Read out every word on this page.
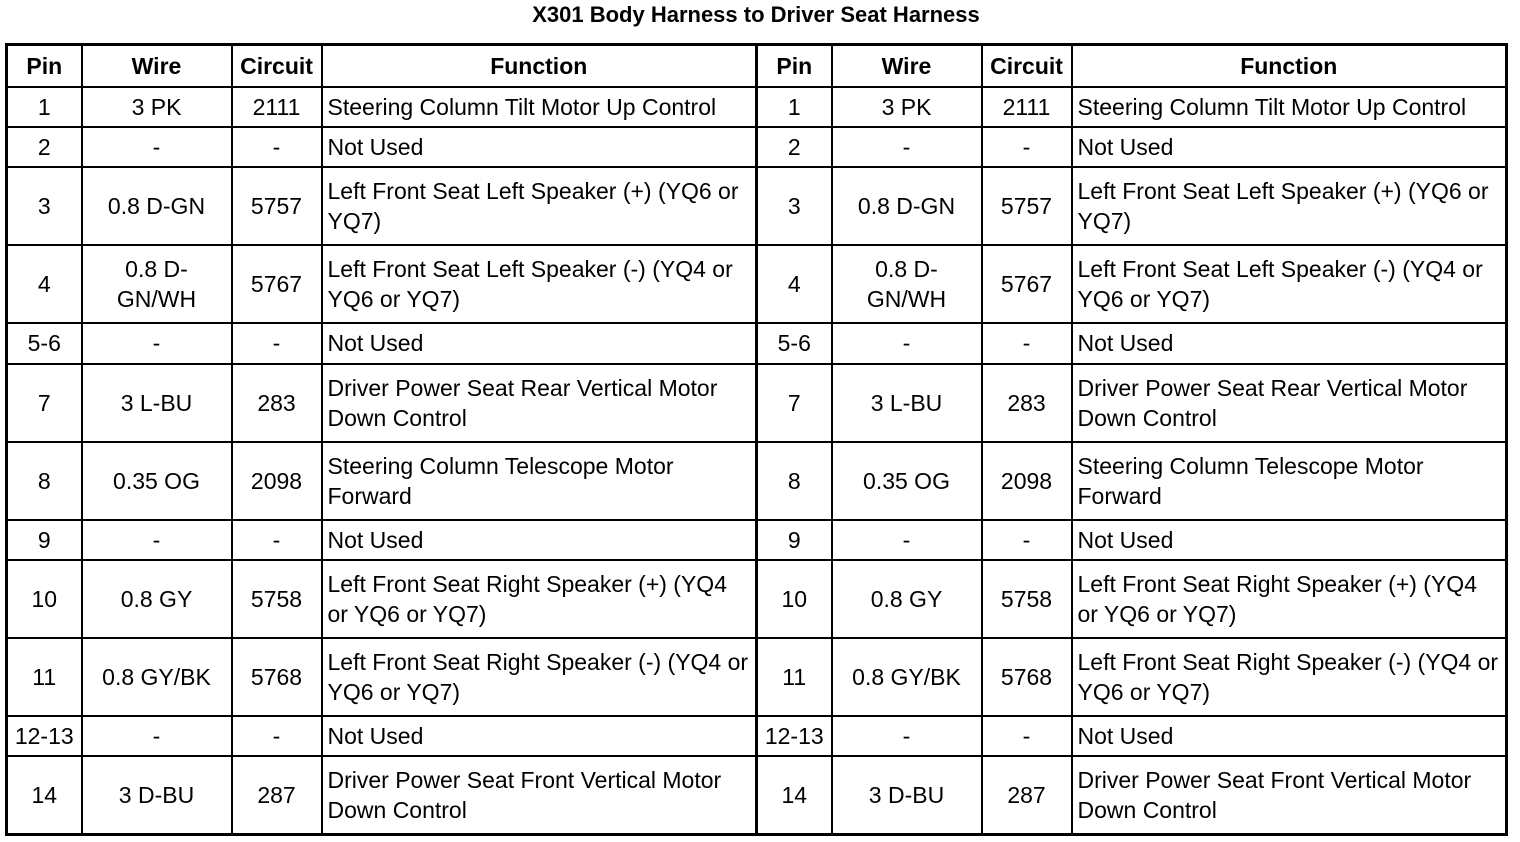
X301 Body Harness to Driver Seat Harness
Pin	Wire	Circuit	Function	Pin	Wire	Circuit	Function
1	3 PK	2111	Steering Column Tilt Motor Up Control	1	3 PK	2111	Steering Column Tilt Motor Up Control
2	-	-	Not Used	2	-	-	Not Used
3	0.8 D-GN	5757	Left Front Seat Left Speaker (+) (YQ6 or YQ7)	3	0.8 D-GN	5757	Left Front Seat Left Speaker (+) (YQ6 or YQ7)
4	0.8 D-GN/WH	5767	Left Front Seat Left Speaker (-) (YQ4 or YQ6 or YQ7)	4	0.8 D-GN/WH	5767	Left Front Seat Left Speaker (-) (YQ4 or YQ6 or YQ7)
5-6	-	-	Not Used	5-6	-	-	Not Used
7	3 L-BU	283	Driver Power Seat Rear Vertical Motor Down Control	7	3 L-BU	283	Driver Power Seat Rear Vertical Motor Down Control
8	0.35 OG	2098	Steering Column Telescope Motor Forward	8	0.35 OG	2098	Steering Column Telescope Motor Forward
9	-	-	Not Used	9	-	-	Not Used
10	0.8 GY	5758	Left Front Seat Right Speaker (+) (YQ4 or YQ6 or YQ7)	10	0.8 GY	5758	Left Front Seat Right Speaker (+) (YQ4 or YQ6 or YQ7)
11	0.8 GY/BK	5768	Left Front Seat Right Speaker (-) (YQ4 or YQ6 or YQ7)	11	0.8 GY/BK	5768	Left Front Seat Right Speaker (-) (YQ4 or YQ6 or YQ7)
12-13	-	-	Not Used	12-13	-	-	Not Used
14	3 D-BU	287	Driver Power Seat Front Vertical Motor Down Control	14	3 D-BU	287	Driver Power Seat Front Vertical Motor Down Control
